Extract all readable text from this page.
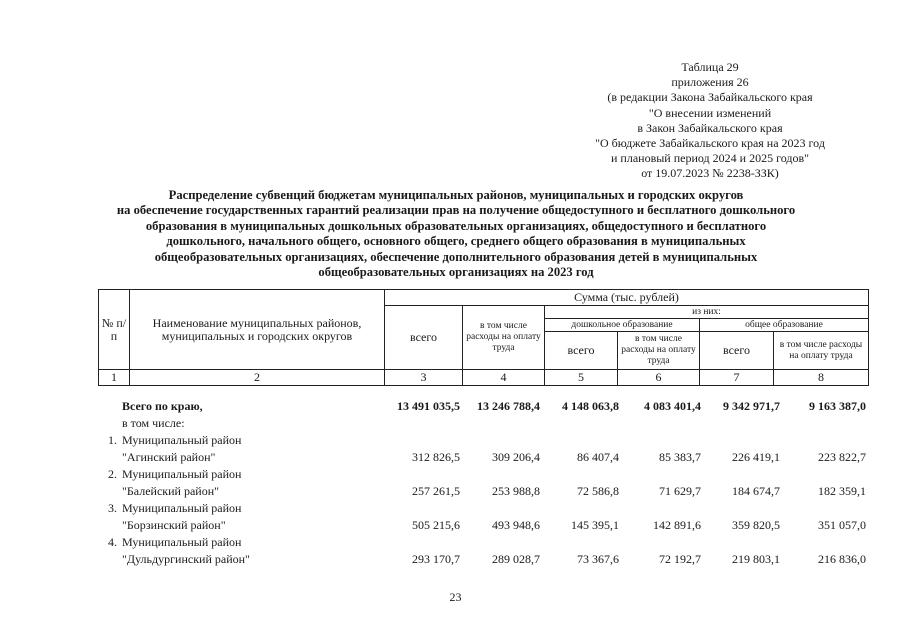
Таблица 29
приложения 26
(в редакции Закона Забайкальского края
"О внесении изменений
в Закон Забайкальского края
"О бюджете Забайкальского края на 2023 год
и плановый период 2024 и 2025 годов"
от 19.07.2023 № 2238-ЗЗК)
Распределение субвенций бюджетам муниципальных районов, муниципальных и городских округов
на обеспечение государственных гарантий реализации прав на получение общедоступного и бесплатного дошкольного
образования в муниципальных дошкольных образовательных организациях, общедоступного и бесплатного
дошкольного, начального общего, основного общего, среднего общего образования в муниципальных
общеобразовательных организациях, обеспечение дополнительного образования детей в муниципальных
общеобразовательных организациях на 2023 год
№ п/п	Наименование муниципальных районов, муниципальных и городских округов	Сумма (тыс. рублей)					
		всего	в том числе расходы на оплату труда	из них:			
				дошкольное образование		общее образование	
				всего	в том числе расходы на оплату труда	всего	в том числе расходы на оплату труда
1	2	3	4	5	6	7	8
	Всего по краю,	13 491 035,5	13 246 788,4	4 148 063,8	4 083 401,4	9 342 971,7	9 163 387,0
	в том числе:						
1.	Муниципальный район						
	"Агинский район"	312 826,5	309 206,4	86 407,4	85 383,7	226 419,1	223 822,7
2.	Муниципальный район						
	"Балейский район"	257 261,5	253 988,8	72 586,8	71 629,7	184 674,7	182 359,1
3.	Муниципальный район						
	"Борзинский район"	505 215,6	493 948,6	145 395,1	142 891,6	359 820,5	351 057,0
4.	Муниципальный район						
	"Дульдургинский район"	293 170,7	289 028,7	73 367,6	72 192,7	219 803,1	216 836,0
23
